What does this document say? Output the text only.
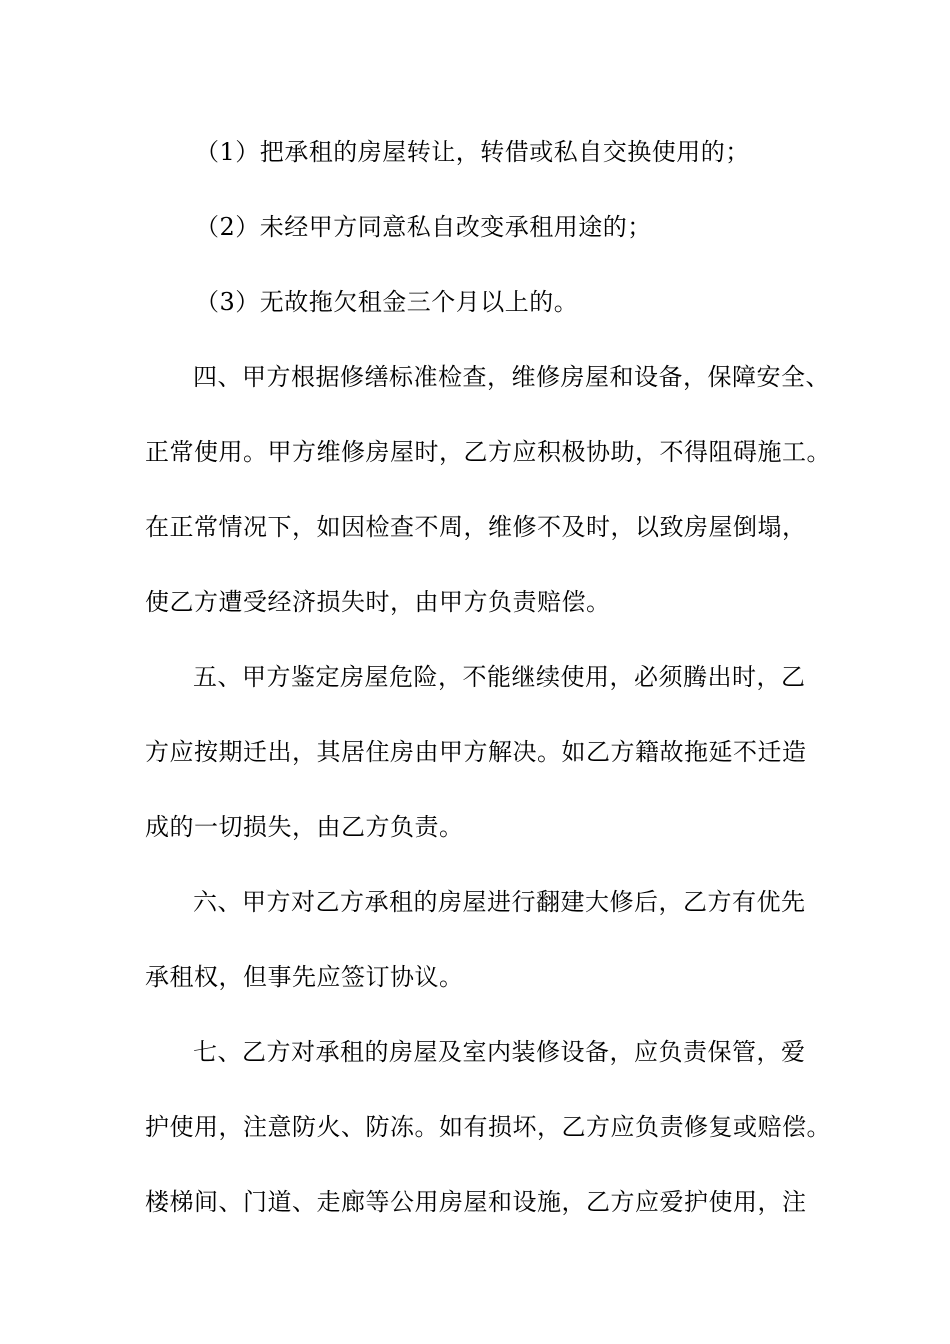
（1）把承租的房屋转让，转借或私自交换使用的；
（2）未经甲方同意私自改变承租用途的；
（3）无故拖欠租金三个月以上的。
四、甲方根据修缮标准检查，维修房屋和设备，保障安全、
正常使用。甲方维修房屋时，乙方应积极协助，不得阻碍施工。
在正常情况下，如因检查不周，维修不及时，以致房屋倒塌，
使乙方遭受经济损失时，由甲方负责赔偿。
五、甲方鉴定房屋危险，不能继续使用，必须腾出时，乙
方应按期迁出，其居住房由甲方解决。如乙方籍故拖延不迁造
成的一切损失，由乙方负责。
六、甲方对乙方承租的房屋进行翻建大修后，乙方有优先
承租权，但事先应签订协议。
七、乙方对承租的房屋及室内装修设备，应负责保管，爱
护使用，注意防火、防冻。如有损坏，乙方应负责修复或赔偿。
楼梯间、门道、走廊等公用房屋和设施，乙方应爱护使用，注
